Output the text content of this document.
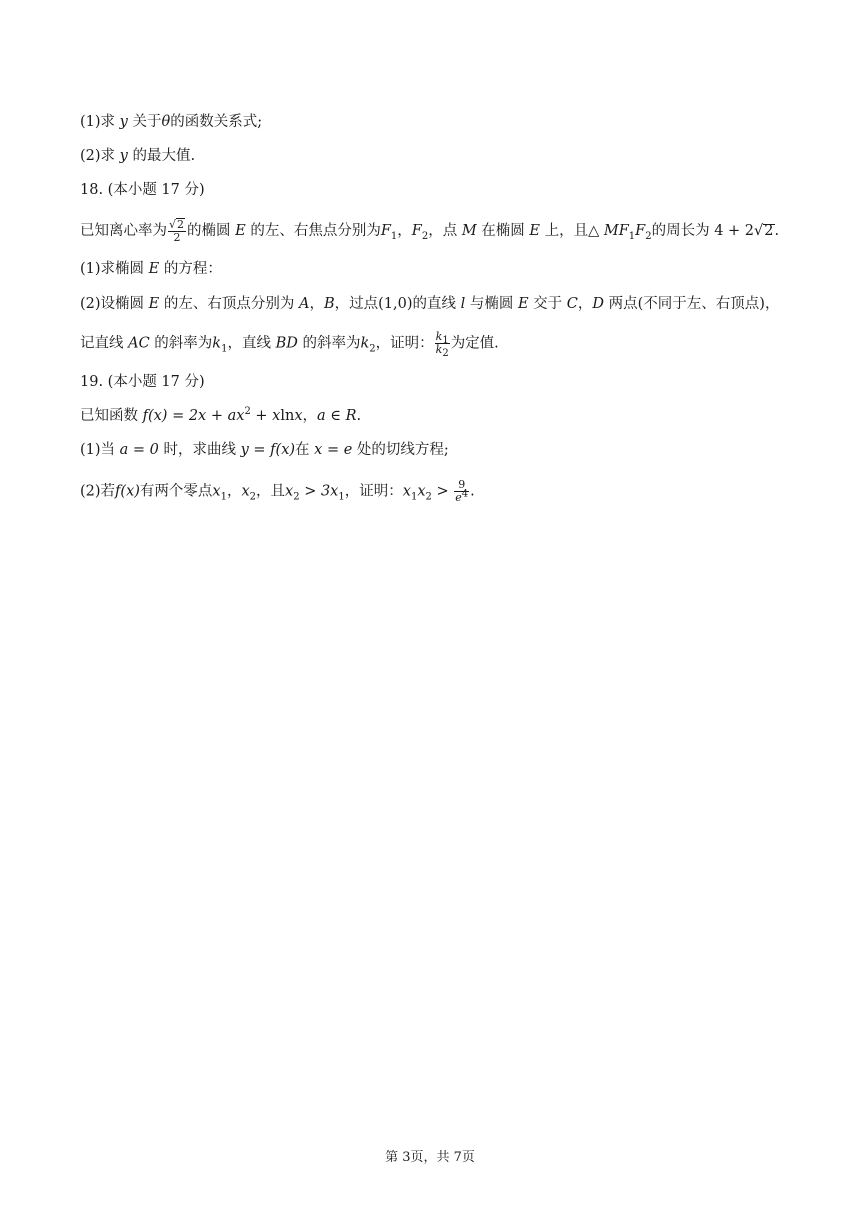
(1)求 y 关于θ的函数关系式;
(2)求 y 的最大值.
18. (本小题 17 分)
已知离心率为 $\frac{√2}{2}$ 的椭圆 E 的左、右焦点分别为$F_1$，$F_2$，点 M 在椭圆 E 上，且△ $MF_1F_2$的周长为 4 + 2√2.
(1)求椭圆 E 的方程：
(2)设椭圆 E 的左、右顶点分别为 A，B，过点(1,0)的直线 l 与椭圆 E 交于 C，D 两点(不同于左、右顶点)，
记直线 AC 的斜率为$k_1$，直线 BD 的斜率为$k_2$，证明： $\frac{k_1}{k_2}$ 为定值.
19. (本小题 17 分)
已知函数 $f(x) = 2x + ax^2 + xlnx$，a ∈ R.
(1)当 a = 0 时，求曲线 y = f(x)在 x = e 处的切线方程;
(2)若f(x)有两个零点$x_1$，$x_2$，且$x_2 > 3x_1$，证明：$x_1x_2 > \frac{9}{e^4}$ .
第 3页，共 7页
